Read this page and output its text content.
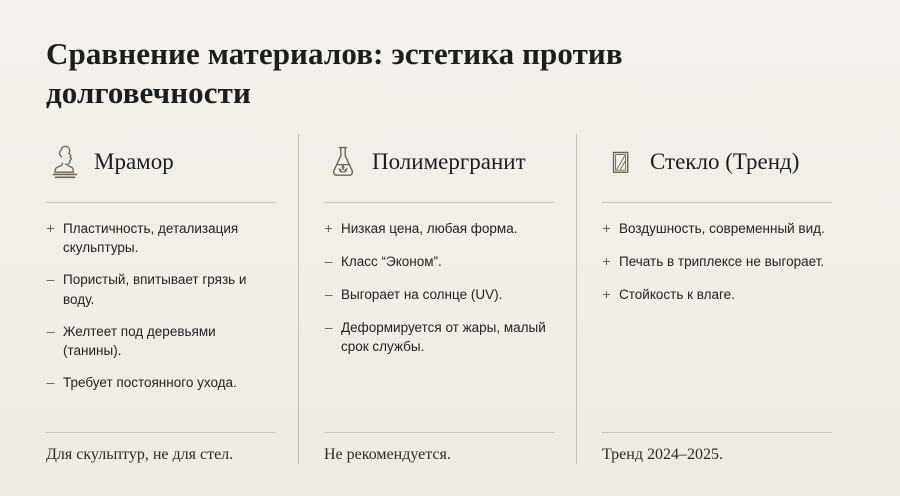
Сравнение материалов: эстетика против долговечности
Мрамор
+ Пластичность, детализация скульптуры.
– Пористый, впитывает грязь и воду.
– Желтеет под деревьями (танины).
– Требует постоянного ухода.
Для скульптур, не для стел.
Полимергранит
+ Низкая цена, любая форма.
– Класс “Эконом”.
– Выгорает на солнце (UV).
– Деформируется от жары, малый срок службы.
Не рекомендуется.
Стекло (Тренд)
+ Воздушность, современный вид.
+ Печать в триплексе не выгорает.
+ Стойкость к влаге.
Тренд 2024–2025.
